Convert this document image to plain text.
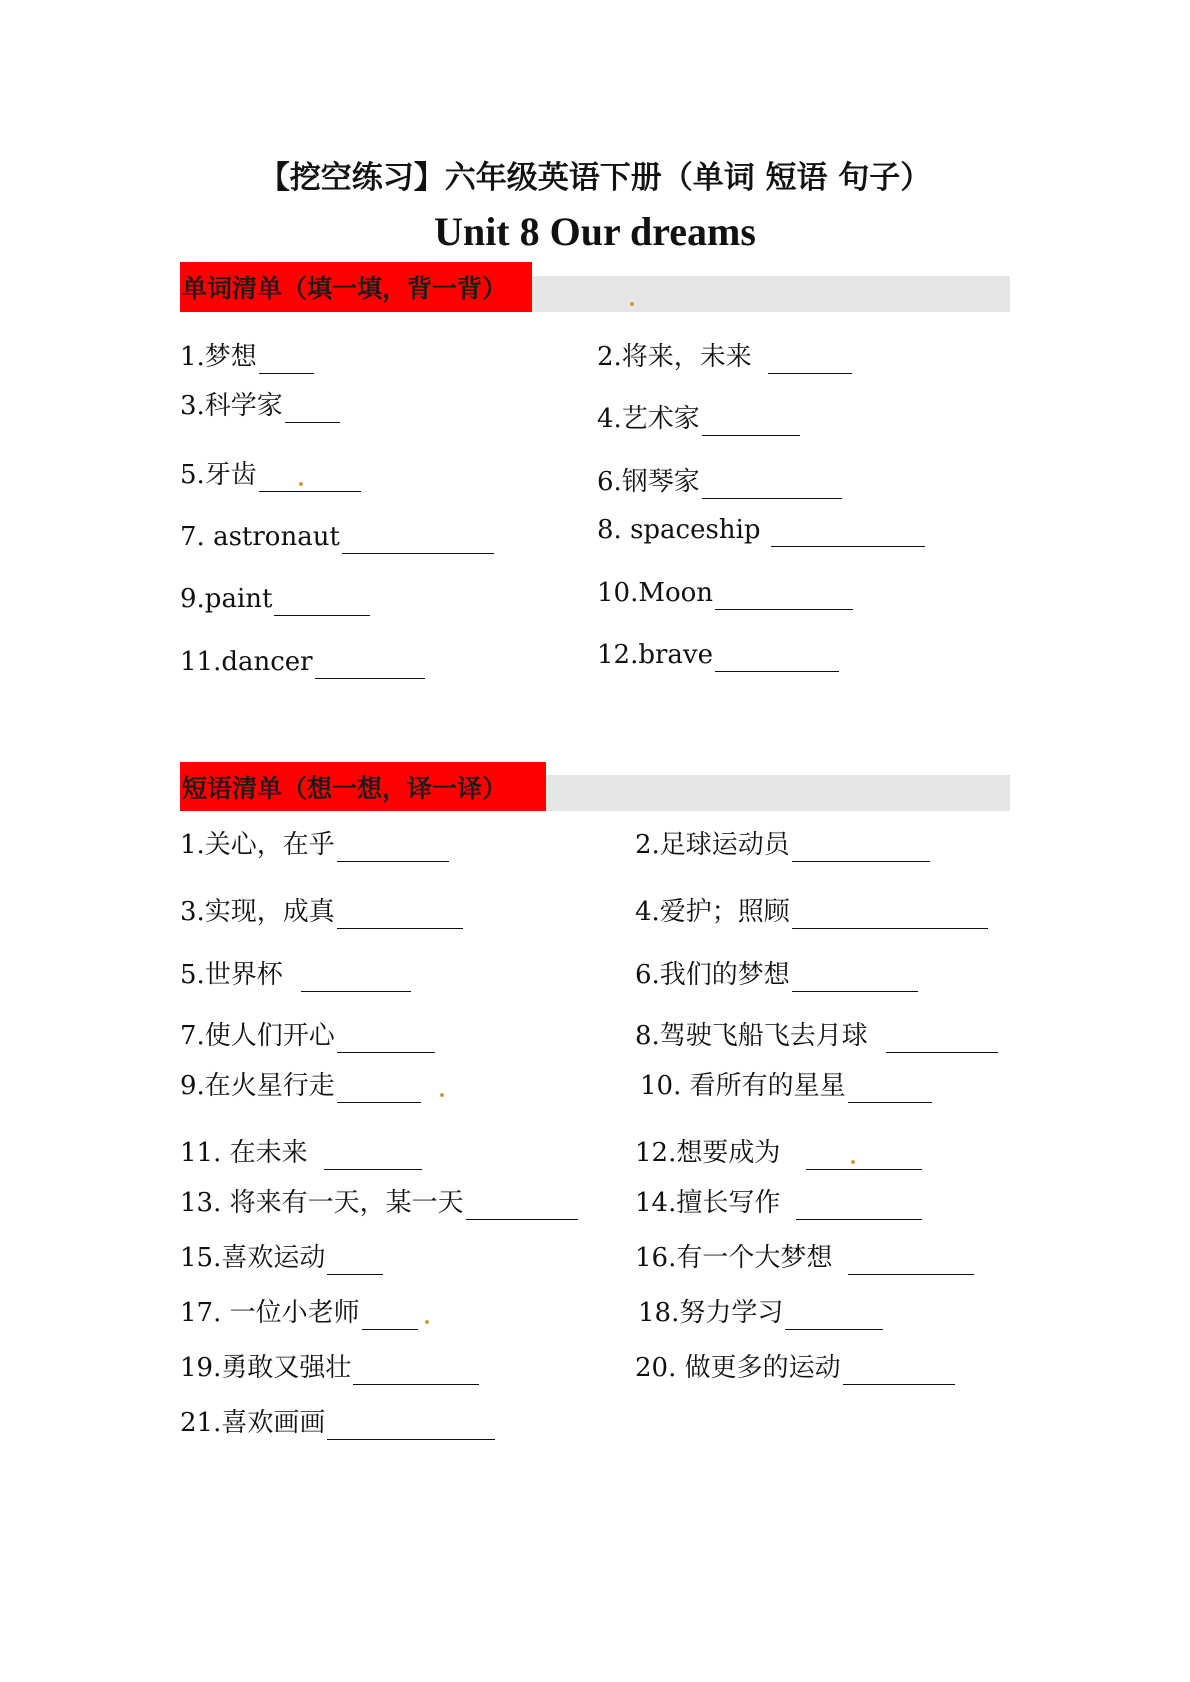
【挖空练习】六年级英语下册（单词 短语 句子）
Unit 8 Our dreams
单词清单（填一填，背一背）
1.梦想	2.将来，未来
3.科学家	4.艺术家
5.牙齿	6.钢琴家
7. astronaut	8. spaceship
9.paint	10.Moon
11.dancer	12.brave
短语清单（想一想，译一译）
1.关心，在乎	2.足球运动员
3.实现，成真	4.爱护；照顾
5.世界杯	6.我们的梦想
7.使人们开心	8.驾驶飞船飞去月球
9.在火星行走	10. 看所有的星星
11. 在未来	12.想要成为
13. 将来有一天，某一天	14.擅长写作
15.喜欢运动	16.有一个大梦想
17. 一位小老师	18.努力学习
19.勇敢又强壮	20. 做更多的运动
21.喜欢画画
